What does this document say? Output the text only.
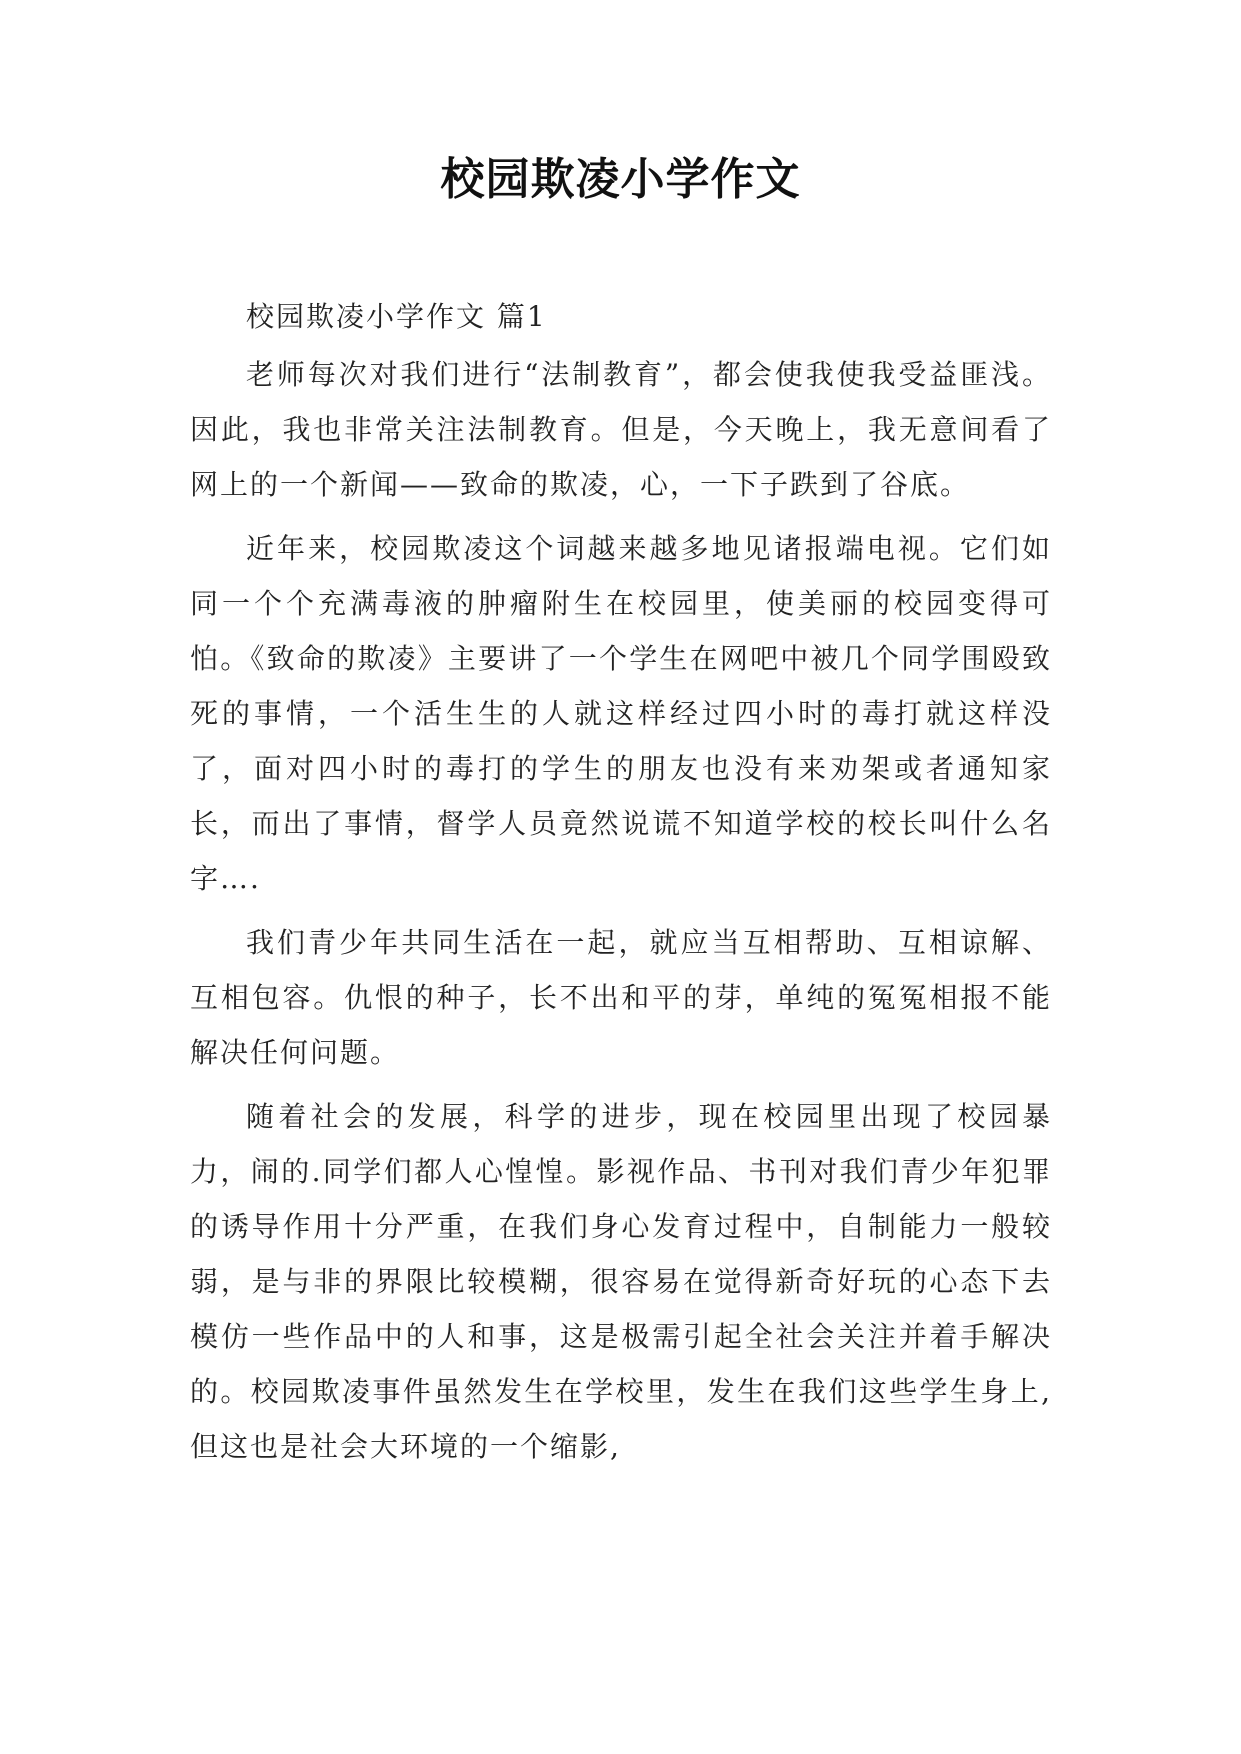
校园欺凌小学作文

校园欺凌小学作文 篇1

老师每次对我们进行“法制教育”，都会使我使我受益匪浅。因此，我也非常关注法制教育。但是，今天晚上，我无意间看了网上的一个新闻——致命的欺凌，心，一下子跌到了谷底。

近年来，校园欺凌这个词越来越多地见诸报端电视。它们如同一个个充满毒液的肿瘤附生在校园里，使美丽的校园变得可怕。《致命的欺凌》主要讲了一个学生在网吧中被几个同学围殴致死的事情，一个活生生的人就这样经过四小时的毒打就这样没了，面对四小时的毒打的学生的朋友也没有来劝架或者通知家长，而出了事情，督学人员竟然说谎不知道学校的校长叫什么名字….

我们青少年共同生活在一起，就应当互相帮助、互相谅解、互相包容。仇恨的种子，长不出和平的芽，单纯的冤冤相报不能解决任何问题。

随着社会的发展，科学的进步，现在校园里出现了校园暴力，闹的.同学们都人心惶惶。影视作品、书刊对我们青少年犯罪的诱导作用十分严重，在我们身心发育过程中，自制能力一般较弱，是与非的界限比较模糊，很容易在觉得新奇好玩的心态下去模仿一些作品中的人和事，这是极需引起全社会关注并着手解决的。校园欺凌事件虽然发生在学校里，发生在我们这些学生身上,但这也是社会大环境的一个缩影,
